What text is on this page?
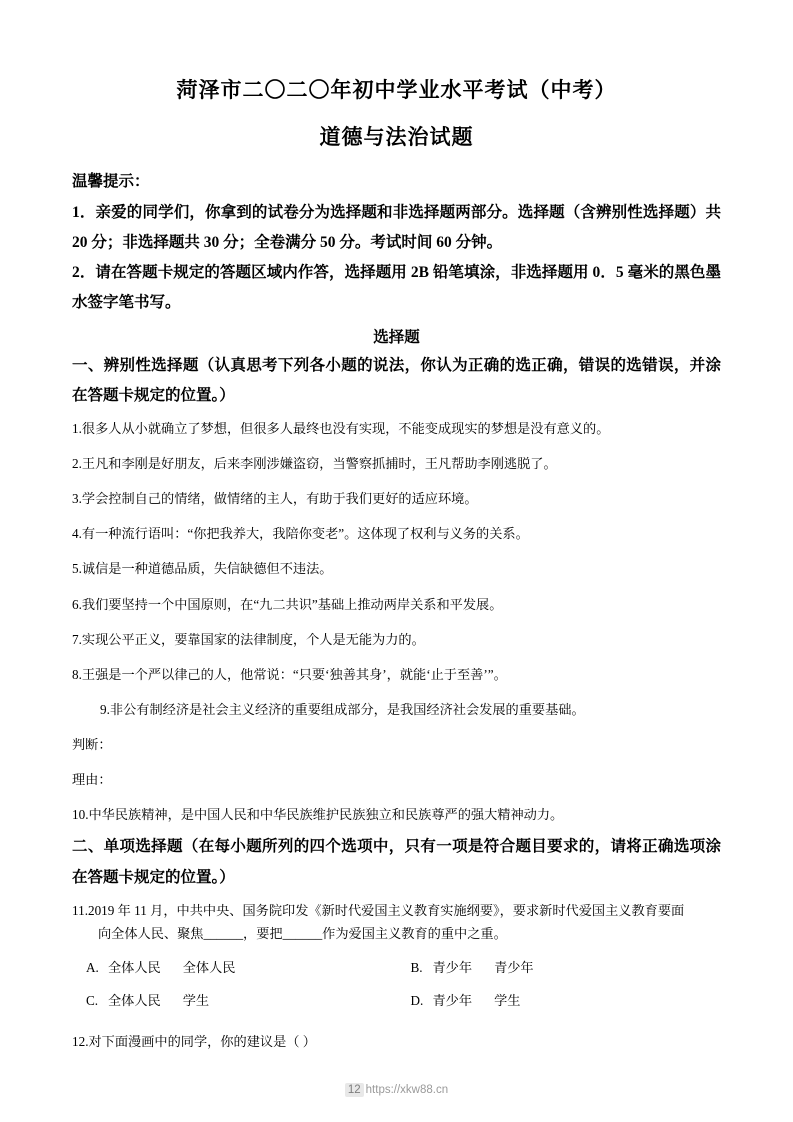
菏泽市二〇二〇年初中学业水平考试（中考）
道德与法治试题

温馨提示：

1．亲爱的同学们，你拿到的试卷分为选择题和非选择题两部分。选择题（含辨别性选择题）共 20 分；非选择题共 30 分；全卷满分 50 分。考试时间 60 分钟。

2．请在答题卡规定的答题区域内作答，选择题用 2B 铅笔填涂，非选择题用 0．5 毫米的黑色墨水签字笔书写。

选择题

一、辨别性选择题（认真思考下列各小题的说法，你认为正确的选正确，错误的选错误，并涂在答题卡规定的位置。）

1.很多人从小就确立了梦想，但很多人最终也没有实现，不能变成现实的梦想是没有意义的。

2.王凡和李刚是好朋友，后来李刚涉嫌盗窃，当警察抓捕时，王凡帮助李刚逃脱了。

3.学会控制自己的情绪，做情绪的主人，有助于我们更好的适应环境。

4.有一种流行语叫：“你把我养大，我陪你变老”。这体现了权利与义务的关系。

5.诚信是一种道德品质，失信缺德但不违法。

6.我们要坚持一个中国原则，在“九二共识”基础上推动两岸关系和平发展。

7.实现公平正义，要靠国家的法律制度，个人是无能为力的。

8.王强是一个严以律己的人，他常说：“只要‘独善其身’，就能‘止于至善’”。

9.非公有制经济是社会主义经济的重要组成部分，是我国经济社会发展的重要基础。

判断：

理由：

10.中华民族精神，是中国人民和中华民族维护民族独立和民族尊严的强大精神动力。

二、单项选择题（在每小题所列的四个选项中，只有一项是符合题目要求的，请将正确选项涂在答题卡规定的位置。）

11.2019 年 11 月，中共中央、国务院印发《新时代爱国主义教育实施纲要》，要求新时代爱国主义教育要面

向全体人民、聚焦______，要把______作为爱国主义教育的重中之重。

A. 全体人民 全体人民	B. 青少年 青少年
C. 全体人民 学生	D. 青少年 学生

12.对下面漫画中的同学，你的建议是（ ）

12 https://xkw88.cn
